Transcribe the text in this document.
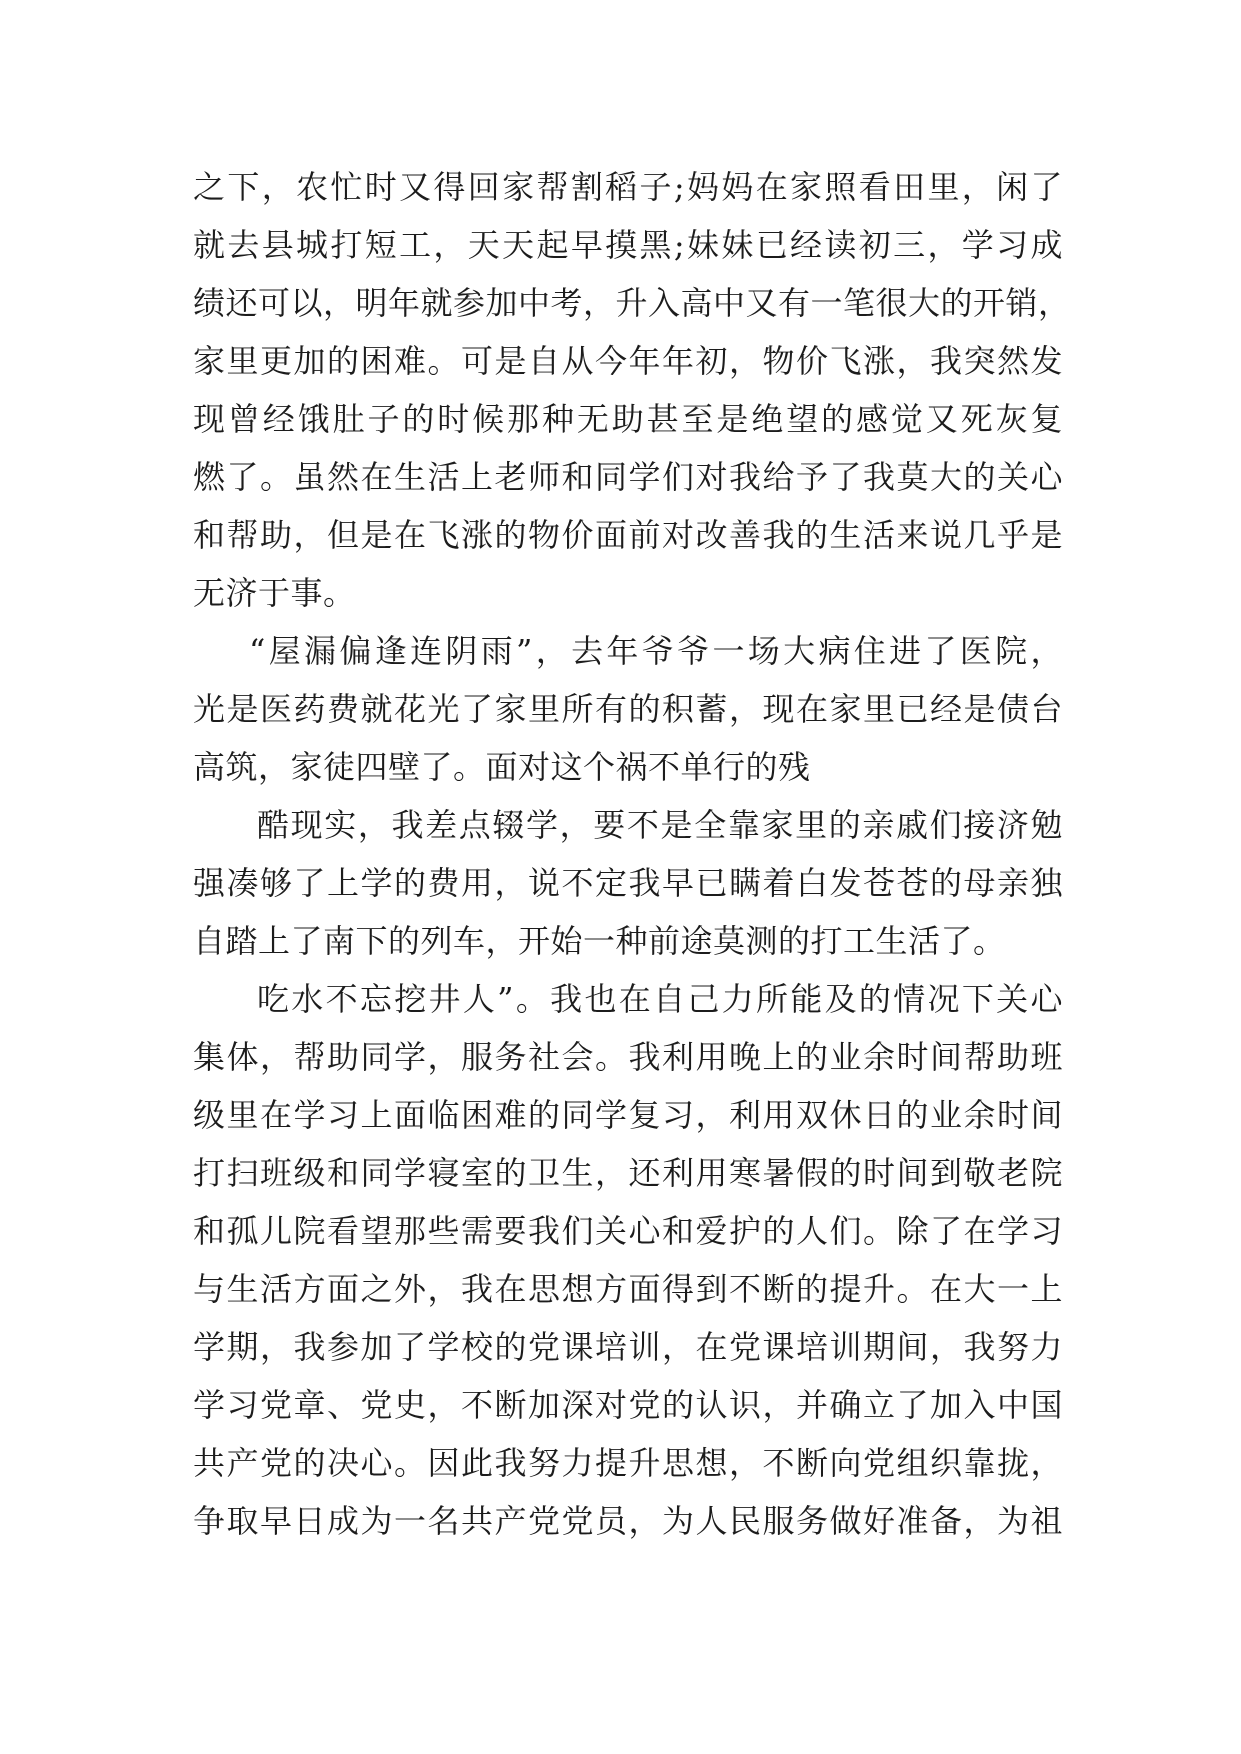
之下，农忙时又得回家帮割稻子;妈妈在家照看田里，闲了
就去县城打短工，天天起早摸黑;妹妹已经读初三，学习成
绩还可以，明年就参加中考，升入高中又有一笔很大的开销，
家里更加的困难。可是自从今年年初，物价飞涨，我突然发
现曾经饿肚子的时候那种无助甚至是绝望的感觉又死灰复
燃了。虽然在生活上老师和同学们对我给予了我莫大的关心
和帮助，但是在飞涨的物价面前对改善我的生活来说几乎是
无济于事。
“屋漏偏逢连阴雨”，去年爷爷一场大病住进了医院，
光是医药费就花光了家里所有的积蓄，现在家里已经是债台
高筑，家徒四壁了。面对这个祸不单行的残
酷现实，我差点辍学，要不是全靠家里的亲戚们接济勉
强凑够了上学的费用，说不定我早已瞒着白发苍苍的母亲独
自踏上了南下的列车，开始一种前途莫测的打工生活了。
吃水不忘挖井人”。我也在自己力所能及的情况下关心
集体，帮助同学，服务社会。我利用晚上的业余时间帮助班
级里在学习上面临困难的同学复习，利用双休日的业余时间
打扫班级和同学寝室的卫生，还利用寒暑假的时间到敬老院
和孤儿院看望那些需要我们关心和爱护的人们。除了在学习
与生活方面之外，我在思想方面得到不断的提升。在大一上
学期，我参加了学校的党课培训，在党课培训期间，我努力
学习党章、党史，不断加深对党的认识，并确立了加入中国
共产党的决心。因此我努力提升思想，不断向党组织靠拢，
争取早日成为一名共产党党员，为人民服务做好准备，为祖
